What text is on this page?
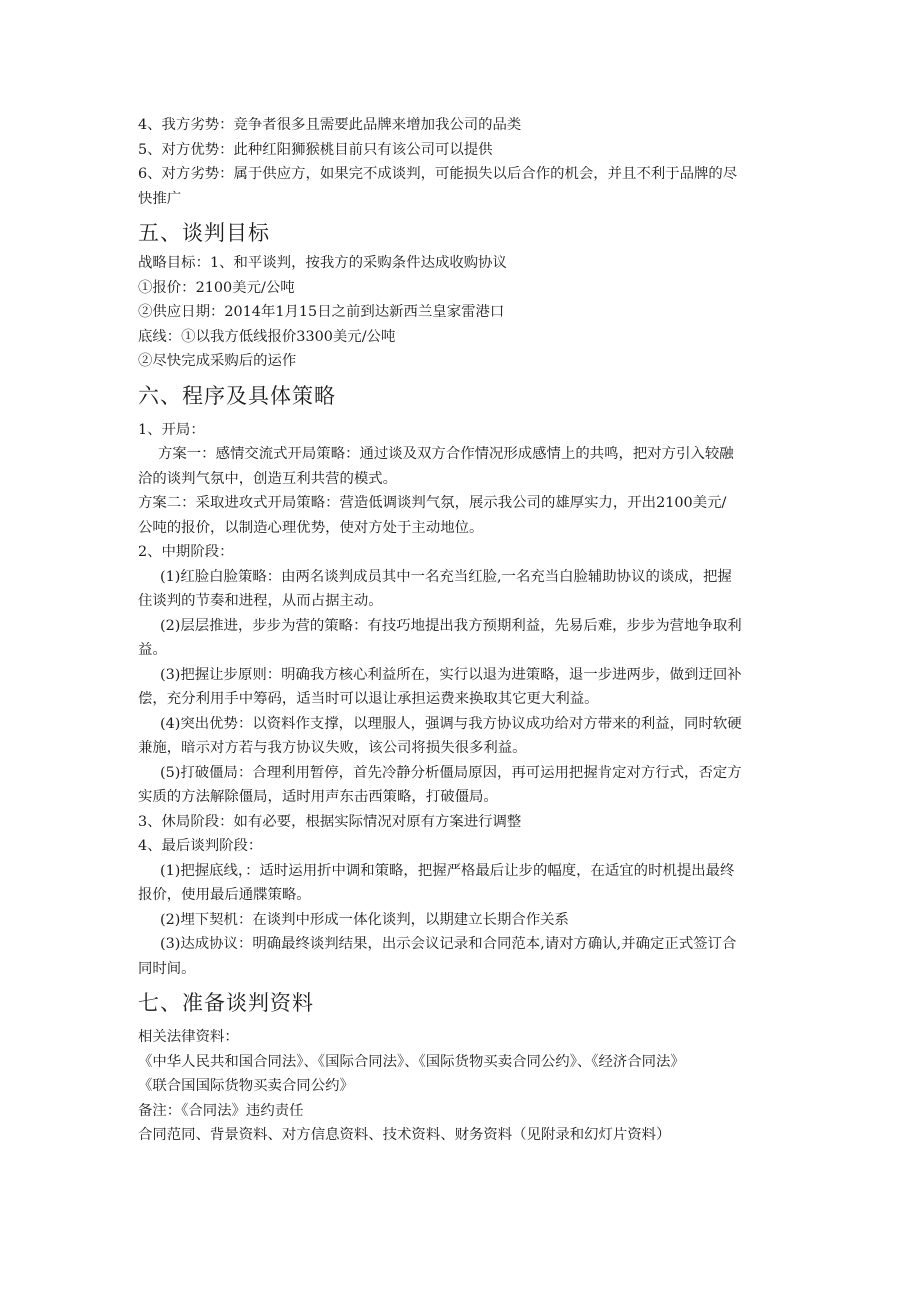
4、我方劣势：竞争者很多且需要此品牌来增加我公司的品类
5、对方优势：此种红阳狮猴桃目前只有该公司可以提供
6、对方劣势：属于供应方，如果完不成谈判，可能损失以后合作的机会，并且不利于品牌的尽
快推广
五、谈判目标
战略目标：1、和平谈判，按我方的采购条件达成收购协议
①报价：2100美元/公吨
②供应日期：2014年1月15日之前到达新西兰皇家雷港口
底线：①以我方低线报价3300美元/公吨
②尽快完成采购后的运作
六、程序及具体策略
1、开局：
方案一：感情交流式开局策略：通过谈及双方合作情况形成感情上的共鸣，把对方引入较融
洽的谈判气氛中，创造互利共营的模式。
方案二：采取进攻式开局策略：营造低调谈判气氛，展示我公司的雄厚实力，开出2100美元/
公吨的报价，以制造心理优势，使对方处于主动地位。
2、中期阶段：
(1)红脸白脸策略：由两名谈判成员其中一名充当红脸,一名充当白脸辅助协议的谈成，把握
住谈判的节奏和进程，从而占据主动。
(2)层层推进，步步为营的策略：有技巧地提出我方预期利益，先易后难，步步为营地争取利
益。
(3)把握让步原则：明确我方核心利益所在，实行以退为进策略，退一步进两步，做到迂回补
偿，充分利用手中筹码，适当时可以退让承担运费来换取其它更大利益。
(4)突出优势：以资料作支撑，以理服人，强调与我方协议成功给对方带来的利益，同时软硬
兼施，暗示对方若与我方协议失败，该公司将损失很多利益。
(5)打破僵局：合理利用暂停，首先冷静分析僵局原因，再可运用把握肯定对方行式，否定方
实质的方法解除僵局，适时用声东击西策略，打破僵局。
3、休局阶段：如有必要，根据实际情况对原有方案进行调整
4、最后谈判阶段：
(1)把握底线，：适时运用折中调和策略，把握严格最后让步的幅度，在适宜的时机提出最终
报价，使用最后通牒策略。
(2)埋下契机：在谈判中形成一体化谈判，以期建立长期合作关系
(3)达成协议：明确最终谈判结果，出示会议记录和合同范本,请对方确认,并确定正式签订合
同时间。
七、准备谈判资料
相关法律资料：
《中华人民共和国合同法》、《国际合同法》、《国际货物买卖合同公约》、《经济合同法》
《联合国国际货物买卖合同公约》
备注：《合同法》违约责任
合同范同、背景资料、对方信息资料、技术资料、财务资料（见附录和幻灯片资料）
